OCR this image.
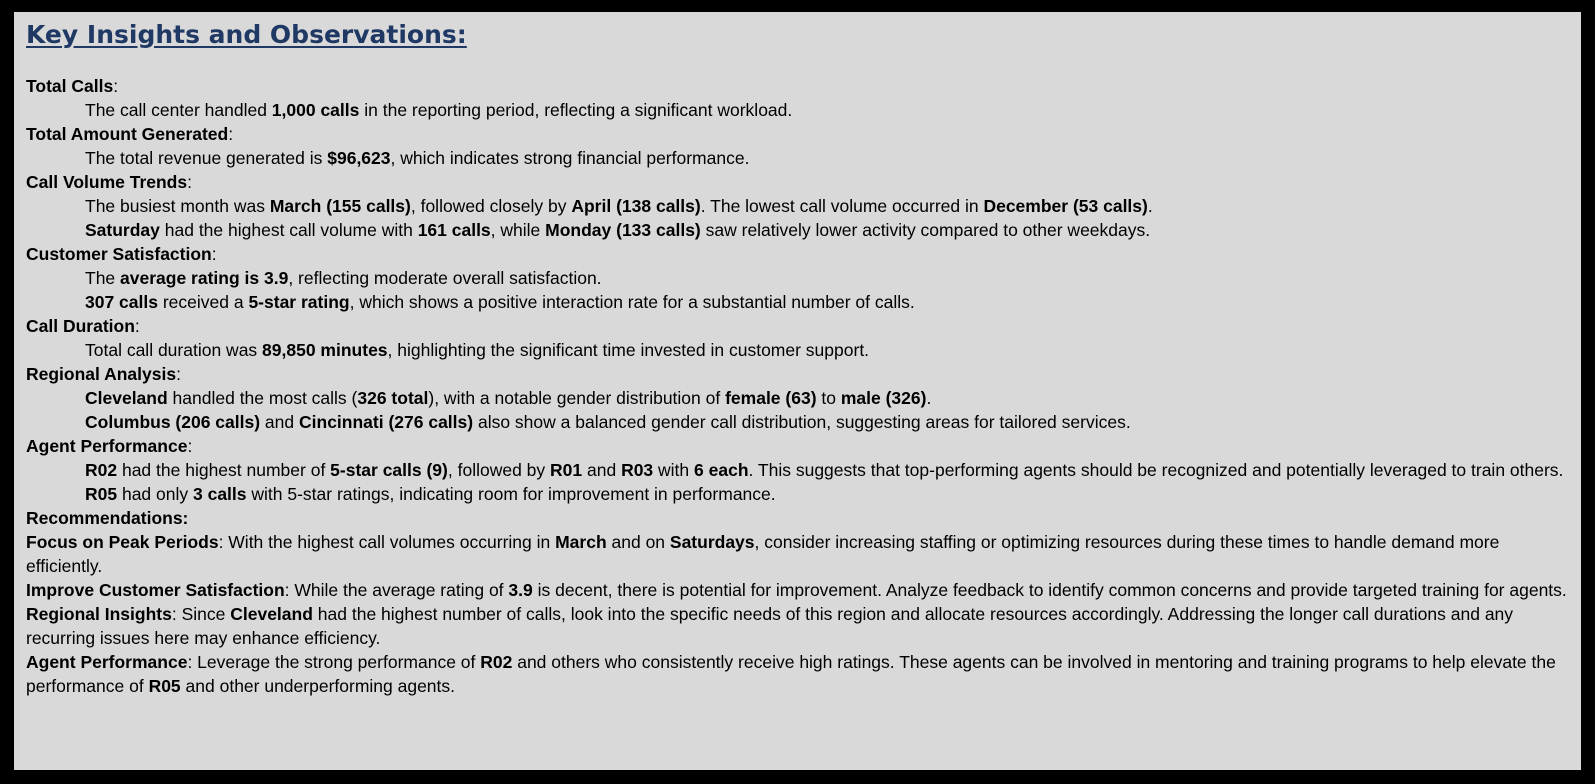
Key Insights and Observations:
Total Calls:
The call center handled 1,000 calls in the reporting period, reflecting a significant workload.
Total Amount Generated:
The total revenue generated is $96,623, which indicates strong financial performance.
Call Volume Trends:
The busiest month was March (155 calls), followed closely by April (138 calls). The lowest call volume occurred in December (53 calls).
Saturday had the highest call volume with 161 calls, while Monday (133 calls) saw relatively lower activity compared to other weekdays.
Customer Satisfaction:
The average rating is 3.9, reflecting moderate overall satisfaction.
307 calls received a 5-star rating, which shows a positive interaction rate for a substantial number of calls.
Call Duration:
Total call duration was 89,850 minutes, highlighting the significant time invested in customer support.
Regional Analysis:
Cleveland handled the most calls (326 total), with a notable gender distribution of female (63) to male (326).
Columbus (206 calls) and Cincinnati (276 calls) also show a balanced gender call distribution, suggesting areas for tailored services.
Agent Performance:
R02 had the highest number of 5-star calls (9), followed by R01 and R03 with 6 each. This suggests that top-performing agents should be recognized and potentially leveraged to train others.
R05 had only 3 calls with 5-star ratings, indicating room for improvement in performance.
Recommendations:
Focus on Peak Periods: With the highest call volumes occurring in March and on Saturdays, consider increasing staffing or optimizing resources during these times to handle demand more efficiently.
Improve Customer Satisfaction: While the average rating of 3.9 is decent, there is potential for improvement. Analyze feedback to identify common concerns and provide targeted training for agents.
Regional Insights: Since Cleveland had the highest number of calls, look into the specific needs of this region and allocate resources accordingly. Addressing the longer call durations and any recurring issues here may enhance efficiency.
Agent Performance: Leverage the strong performance of R02 and others who consistently receive high ratings. These agents can be involved in mentoring and training programs to help elevate the performance of R05 and other underperforming agents.
